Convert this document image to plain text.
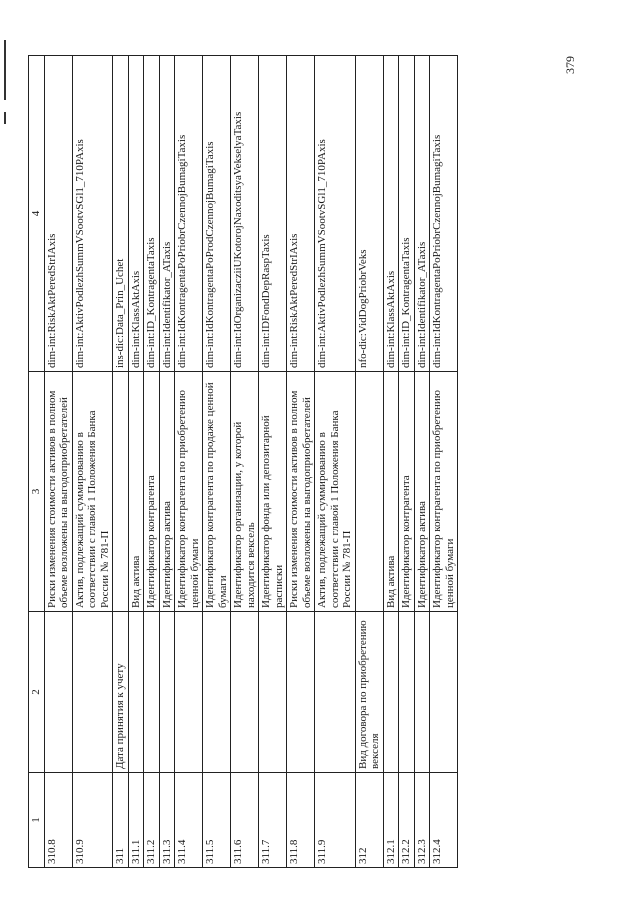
1	2	3	4
310.8		Риски изменения стоимости активов в полном объеме возложены на выгодоприобретателей	dim-int:RiskAktPeredStrIAxis
310.9		Актив, подлежащий суммированию в соответствии с главой 1 Положения Банка России № 781-П	dim-int:AktivPodlezhSummVSootvSGl1_710PAxis
311	Дата принятия к учету		ins-dic:Data_Prin_Uchet
311.1		Вид актива	dim-int:KlassAktAxis
311.2		Идентификатор контрагента	dim-int:ID_KontragentaTaxis
311.3		Идентификатор актива	dim-int:Identifikator_ATaxis
311.4		Идентификатор контрагента по приобретению ценной бумаги	dim-int:IdKontragentaPoPriobrCzennojBumagiTaxis
311.5		Идентификатор контрагента по продаже ценной бумаги	dim-int:IdKontragentaPoProdCzennojBumagiTaxis
311.6		Идентификатор организации, у которой находится вексель	dim-int:IdOrganizacziiUKotorojNaxoditsyaVekselyaTaxis
311.7		Идентификатор фонда или депозитарной расписки	dim-int:IDFondDepRaspTaxis
311.8		Риски изменения стоимости активов в полном объеме возложены на выгодоприобретателей	dim-int:RiskAktPeredStrIAxis
311.9		Актив, подлежащий суммированию в соответствии с главой 1 Положения Банка России № 781-П	dim-int:AktivPodlezhSummVSootvSGl1_710PAxis
312	Вид договора по приобретению векселя		nfo-dic:VidDogPriobrVeks
312.1		Вид актива	dim-int:KlassAktAxis
312.2		Идентификатор контрагента	dim-int:ID_KontragentaTaxis
312.3		Идентификатор актива	dim-int:Identifikator_ATaxis
312.4		Идентификатор контрагента по приобретению ценной бумаги	dim-int:IdKontragentaPoPriobrCzennojBumagiTaxis
379
